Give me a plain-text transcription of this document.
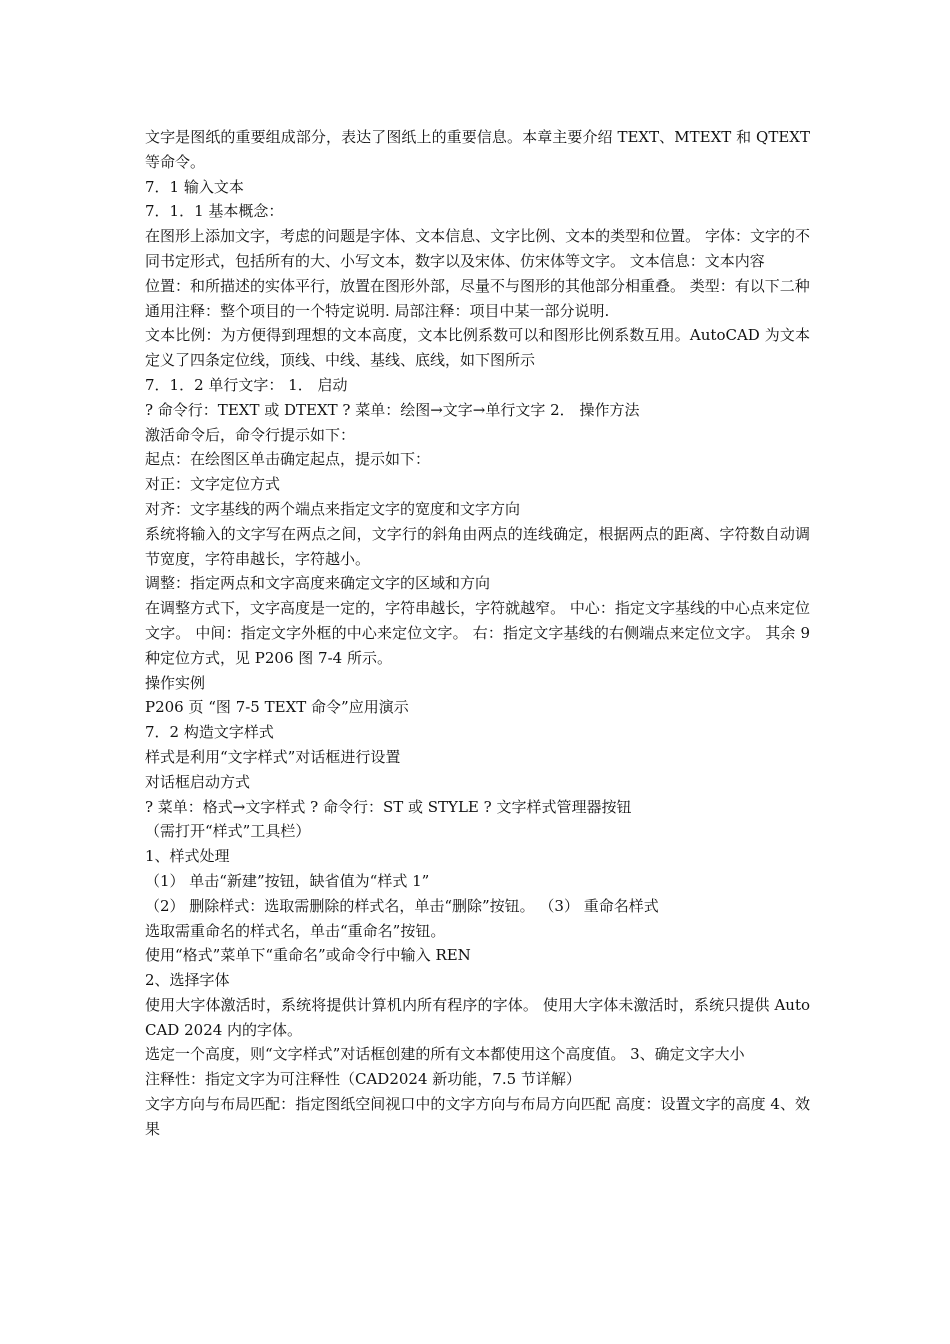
文字是图纸的重要组成部分，表达了图纸上的重要信息。本章主要介绍 TEXT、MTEXT 和 QTEXT 等命令。

7．1 输入文本

7．1．1 基本概念：

在图形上添加文字，考虑的问题是字体、文本信息、文字比例、文本的类型和位置。 字体：文字的不同书定形式，包括所有的大、小写文本，数字以及宋体、仿宋体等文字。 文本信息：文本内容

位置：和所描述的实体平行，放置在图形外部，尽量不与图形的其他部分相重叠。 类型：有以下二种

通用注释：整个项目的一个特定说明. 局部注释：项目中某一部分说明.

文本比例：为方便得到理想的文本高度，文本比例系数可以和图形比例系数互用。AutoCAD 为文本定义了四条定位线，顶线、中线、基线、底线，如下图所示

7．1．2 单行文字： 1． 启动

? 命令行：TEXT 或 DTEXT ? 菜单：绘图→文字→单行文字 2． 操作方法

激活命令后，命令行提示如下：

起点：在绘图区单击确定起点，提示如下：

对正：文字定位方式

对齐：文字基线的两个端点来指定文字的宽度和文字方向

系统将输入的文字写在两点之间，文字行的斜角由两点的连线确定，根据两点的距离、字符数自动调节宽度，字符串越长，字符越小。

调整：指定两点和文字高度来确定文字的区域和方向

在调整方式下，文字高度是一定的，字符串越长，字符就越窄。 中心：指定文字基线的中心点来定位文字。 中间：指定文字外框的中心来定位文字。 右：指定文字基线的右侧端点来定位文字。 其余 9 种定位方式，见 P206 图 7-4 所示。

操作实例

P206 页 “图 7-5 TEXT 命令”应用演示

7．2 构造文字样式

样式是利用“文字样式”对话框进行设置

对话框启动方式

? 菜单：格式→文字样式 ? 命令行：ST 或 STYLE ? 文字样式管理器按钮

（需打开“样式”工具栏）

1、样式处理

（1） 单击“新建”按钮，缺省值为“样式 1”

（2） 删除样式：选取需删除的样式名，单击“删除”按钮。 （3） 重命名样式

选取需重命名的样式名，单击“重命名”按钮。

使用“格式”菜单下“重命名”或命令行中输入 REN

2、选择字体

使用大字体激活时，系统将提供计算机内所有程序的字体。 使用大字体未激活时，系统只提供 AutoCAD 2024 内的字体。

选定一个高度，则“文字样式”对话框创建的所有文本都使用这个高度值。 3、确定文字大小

注释性：指定文字为可注释性（CAD2024 新功能，7.5 节详解）

文字方向与布局匹配：指定图纸空间视口中的文字方向与布局方向匹配 高度：设置文字的高度 4、效果
